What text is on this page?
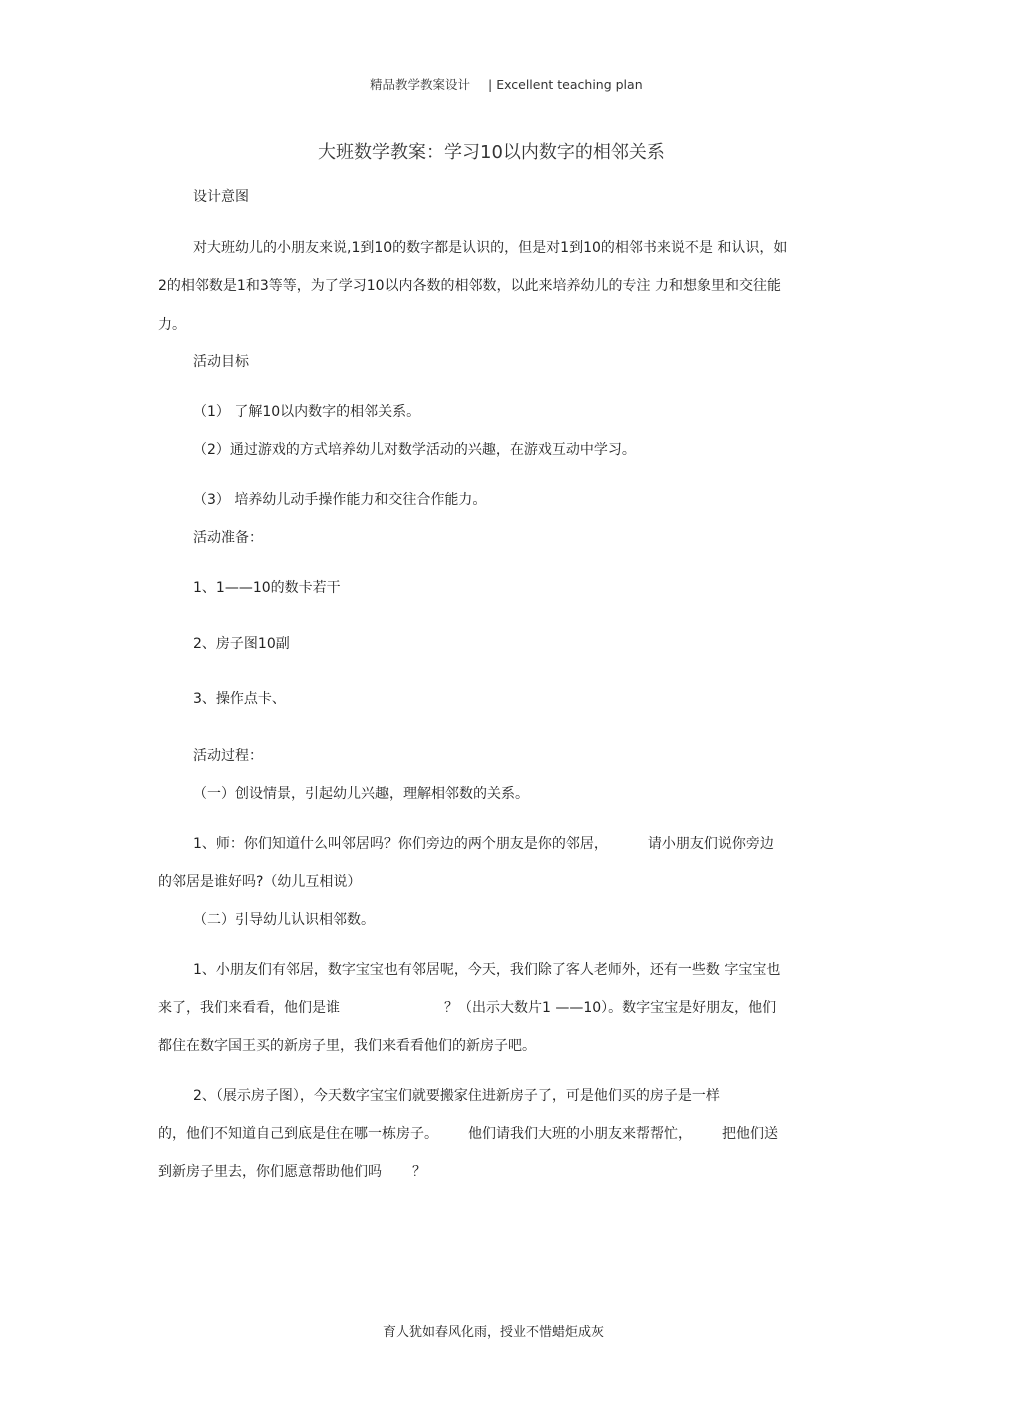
精品教学教案设计 | Excellent teaching plan
大班数学教案：学习10以内数字的相邻关系
设计意图
对大班幼儿的小朋友来说,1到10的数字都是认识的，但是对1到10的相邻书来说不是 和认识，如
2的相邻数是1和3等等，为了学习10以内各数的相邻数，以此来培养幼儿的专注 力和想象里和交往能
力。
活动目标
（1） 了解10以内数字的相邻关系。
（2）通过游戏的方式培养幼儿对数学活动的兴趣，在游戏互动中学习。
（3） 培养幼儿动手操作能力和交往合作能力。
活动准备：
1、1——10的数卡若干
2、房子图10副
3、操作点卡、
活动过程：
（一）创设情景，引起幼儿兴趣，理解相邻数的关系。
1、师：你们知道什么叫邻居吗？你们旁边的两个朋友是你的邻居，	请小朋友们说你旁边
的邻居是谁好吗?（幼儿互相说）
（二）引导幼儿认识相邻数。
1、小朋友们有邻居，数字宝宝也有邻居呢，今天，我们除了客人老师外，还有一些数 字宝宝也
来了，我们来看看，他们是谁	？（出示大数片1 ——10）。数字宝宝是好朋友，他们
都住在数字国王买的新房子里，我们来看看他们的新房子吧。
2、（展示房子图），今天数字宝宝们就要搬家住进新房子了，可是他们买的房子是一样
的，他们不知道自己到底是住在哪一栋房子。 他们请我们大班的小朋友来帮帮忙， 把他们送
到新房子里去，你们愿意帮助他们吗 ？
育人犹如春风化雨，授业不惜蜡炬成灰
